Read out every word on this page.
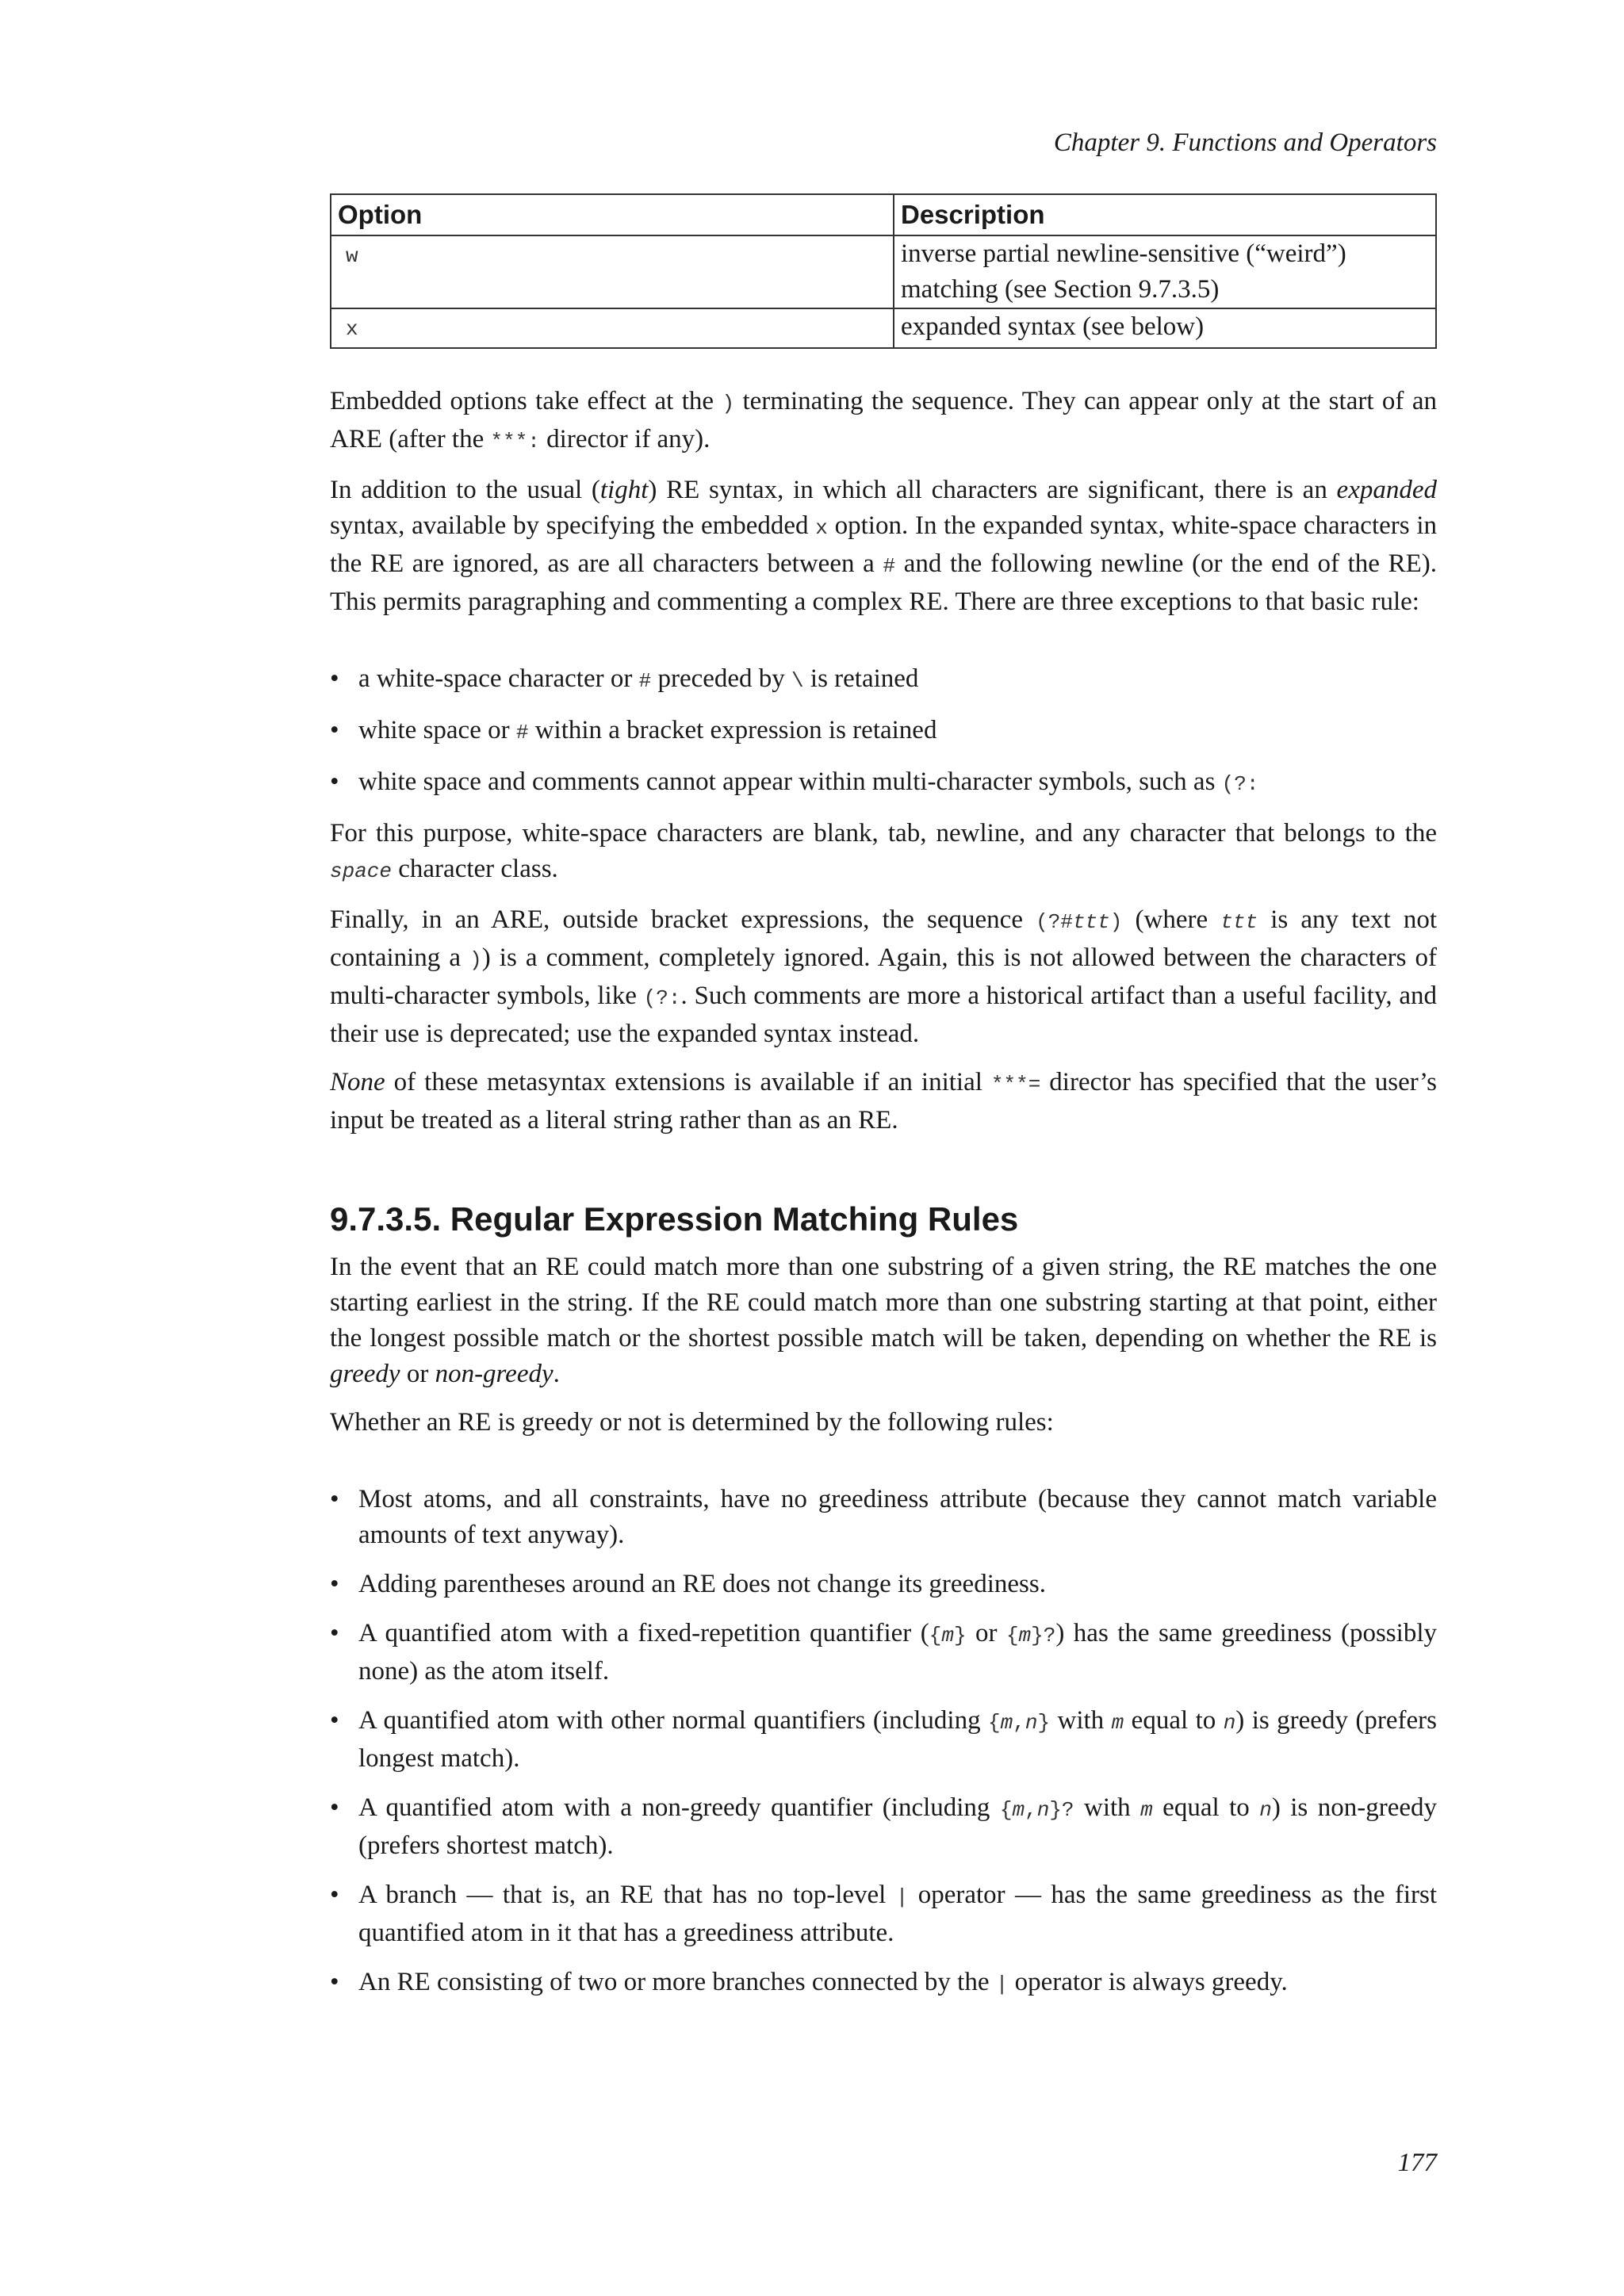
Chapter 9. Functions and Operators
Option	Description
w	inverse partial newline-sensitive (“weird”)
matching (see Section 9.7.3.5)
x	expanded syntax (see below)

Embedded options take effect at the ) terminating the sequence. They can appear only at the start of an ARE (after the ***: director if any).

In addition to the usual (tight) RE syntax, in which all characters are significant, there is an expanded syntax, available by specifying the embedded x option. In the expanded syntax, white-space characters in the RE are ignored, as are all characters between a # and the following newline (or the end of the RE). This permits paragraphing and commenting a complex RE. There are three exceptions to that basic rule:

• a white-space character or # preceded by \ is retained
• white space or # within a bracket expression is retained
• white space and comments cannot appear within multi-character symbols, such as (?:

For this purpose, white-space characters are blank, tab, newline, and any character that belongs to the space character class.

Finally, in an ARE, outside bracket expressions, the sequence (?#ttt) (where ttt is any text not containing a )) is a comment, completely ignored. Again, this is not allowed between the characters of multi-character symbols, like (?:. Such comments are more a historical artifact than a useful facility, and their use is deprecated; use the expanded syntax instead.

None of these metasyntax extensions is available if an initial ***= director has specified that the user’s input be treated as a literal string rather than as an RE.

9.7.3.5. Regular Expression Matching Rules

In the event that an RE could match more than one substring of a given string, the RE matches the one starting earliest in the string. If the RE could match more than one substring starting at that point, either the longest possible match or the shortest possible match will be taken, depending on whether the RE is greedy or non-greedy.

Whether an RE is greedy or not is determined by the following rules:

• Most atoms, and all constraints, have no greediness attribute (because they cannot match variable amounts of text anyway).
• Adding parentheses around an RE does not change its greediness.
• A quantified atom with a fixed-repetition quantifier ({m} or {m}?) has the same greediness (possibly none) as the atom itself.
• A quantified atom with other normal quantifiers (including {m,n} with m equal to n) is greedy (prefers longest match).
• A quantified atom with a non-greedy quantifier (including {m,n}? with m equal to n) is non-greedy (prefers shortest match).
• A branch — that is, an RE that has no top-level | operator — has the same greediness as the first quantified atom in it that has a greediness attribute.
• An RE consisting of two or more branches connected by the | operator is always greedy.
177
